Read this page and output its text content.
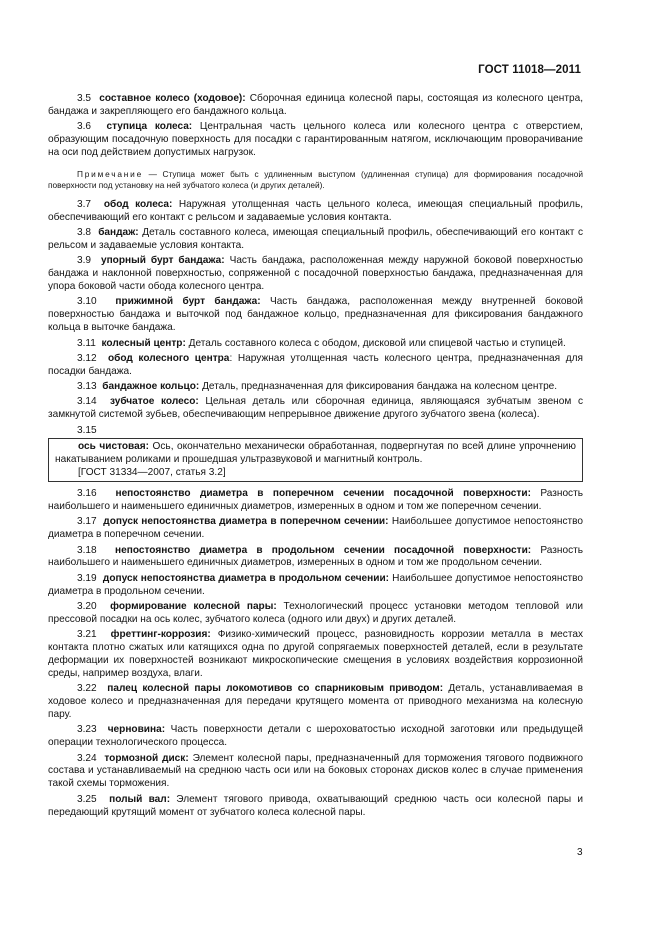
ГОСТ 11018—2011

3.5 составное колесо (ходовое): Сборочная единица колесной пары, состоящая из колесного центра, бандажа и закрепляющего его бандажного кольца.

3.6 ступица колеса: Центральная часть цельного колеса или колесного центра с отверстием, образующим посадочную поверхность для посадки с гарантированным натягом, исключающим проворачивание на оси под действием допустимых нагрузок.

Примечание — Ступица может быть с удлиненным выступом (удлиненная ступица) для формирования посадочной поверхности под установку на ней зубчатого колеса (и других деталей).

3.7 обод колеса: Наружная утолщенная часть цельного колеса, имеющая специальный профиль, обеспечивающий его контакт с рельсом и задаваемые условия контакта.

3.8 бандаж: Деталь составного колеса, имеющая специальный профиль, обеспечивающий его контакт с рельсом и задаваемые условия контакта.

3.9 упорный бурт бандажа: Часть бандажа, расположенная между наружной боковой поверхностью бандажа и наклонной поверхностью, сопряженной с посадочной поверхностью бандажа, предназначенная для упора боковой части обода колесного центра.

3.10 прижимной бурт бандажа: Часть бандажа, расположенная между внутренней боковой поверхностью бандажа и выточкой под бандажное кольцо, предназначенная для фиксирования бандажного кольца в выточке бандажа.

3.11 колесный центр: Деталь составного колеса с ободом, дисковой или спицевой частью и ступицей.

3.12 обод колесного центра: Наружная утолщенная часть колесного центра, предназначенная для посадки бандажа.

3.13 бандажное кольцо: Деталь, предназначенная для фиксирования бандажа на колесном центре.

3.14 зубчатое колесо: Цельная деталь или сборочная единица, являющаяся зубчатым звеном с замкнутой системой зубьев, обеспечивающим непрерывное движение другого зубчатого звена (колеса).

3.15

ось чистовая: Ось, окончательно механически обработанная, подвергнутая по всей длине упрочнению накатыванием роликами и прошедшая ультразвуковой и магнитный контроль.

[ГОСТ 31334—2007, статья 3.2]

3.16 непостоянство диаметра в поперечном сечении посадочной поверхности: Разность наибольшего и наименьшего единичных диаметров, измеренных в одном и том же поперечном сечении.

3.17 допуск непостоянства диаметра в поперечном сечении: Наибольшее допустимое непостоянство диаметра в поперечном сечении.

3.18 непостоянство диаметра в продольном сечении посадочной поверхности: Разность наибольшего и наименьшего единичных диаметров, измеренных в одном и том же продольном сечении.

3.19 допуск непостоянства диаметра в продольном сечении: Наибольшее допустимое непостоянство диаметра в продольном сечении.

3.20 формирование колесной пары: Технологический процесс установки методом тепловой или прессовой посадки на ось колес, зубчатого колеса (одного или двух) и других деталей.

3.21 фреттинг-коррозия: Физико-химический процесс, разновидность коррозии металла в местах контакта плотно сжатых или катящихся одна по другой сопрягаемых поверхностей деталей, если в результате деформации их поверхностей возникают микроскопические смещения в условиях воздействия коррозионной среды, например воздуха, влаги.

3.22 палец колесной пары локомотивов со спарниковым приводом: Деталь, устанавливаемая в ходовое колесо и предназначенная для передачи крутящего момента от приводного механизма на колесную пару.

3.23 черновина: Часть поверхности детали с шероховатостью исходной заготовки или предыдущей операции технологического процесса.

3.24 тормозной диск: Элемент колесной пары, предназначенный для торможения тягового подвижного состава и устанавливаемый на среднюю часть оси или на боковых сторонах дисков колес в случае применения такой схемы торможения.

3.25 полый вал: Элемент тягового привода, охватывающий среднюю часть оси колесной пары и передающий крутящий момент от зубчатого колеса колесной пары.

3
